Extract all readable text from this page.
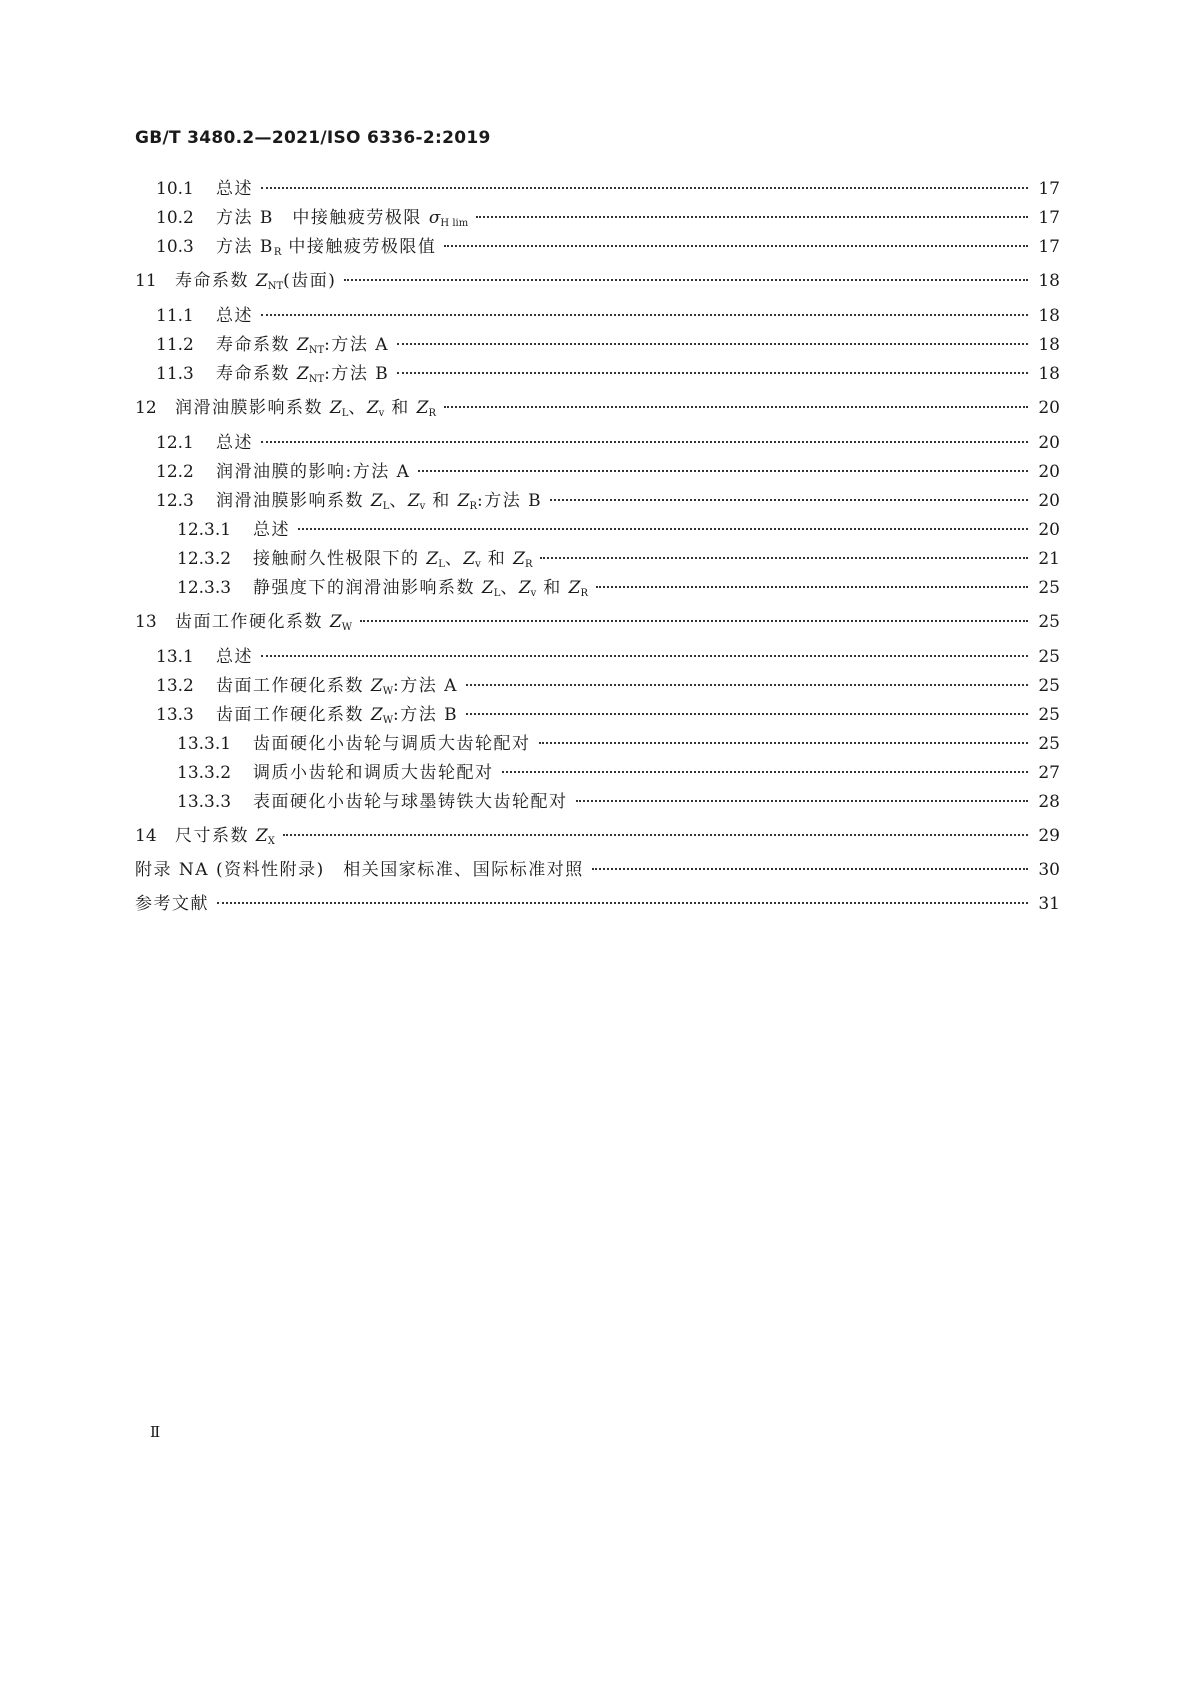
GB/T 3480.2—2021/ISO 6336-2:2019
10.1	总述	17
10.2	方法 B　中接触疲劳极限 $\sigma_{H lim}$	17
10.3	方法 $B_R$ 中接触疲劳极限值	17
11	寿命系数 $Z_{NT}$(齿面)	18
11.1	总述	18
11.2	寿命系数 $Z_{NT}$:方法 A	18
11.3	寿命系数 $Z_{NT}$:方法 B	18
12	润滑油膜影响系数 $Z_L$、$Z_v$ 和 $Z_R$	20
12.1	总述	20
12.2	润滑油膜的影响:方法 A	20
12.3	润滑油膜影响系数 $Z_L$、$Z_v$ 和 $Z_R$:方法 B	20
12.3.1	总述	20
12.3.2	接触耐久性极限下的 $Z_L$、$Z_v$ 和 $Z_R$	21
12.3.3	静强度下的润滑油影响系数 $Z_L$、$Z_v$ 和 $Z_R$	25
13	齿面工作硬化系数 $Z_W$	25
13.1	总述	25
13.2	齿面工作硬化系数 $Z_W$:方法 A	25
13.3	齿面工作硬化系数 $Z_W$:方法 B	25
13.3.1	齿面硬化小齿轮与调质大齿轮配对	25
13.3.2	调质小齿轮和调质大齿轮配对	27
13.3.3	表面硬化小齿轮与球墨铸铁大齿轮配对	28
14	尺寸系数 $Z_X$	29
附录 NA (资料性附录)　相关国家标准、国际标准对照	30
参考文献	31
Ⅱ
